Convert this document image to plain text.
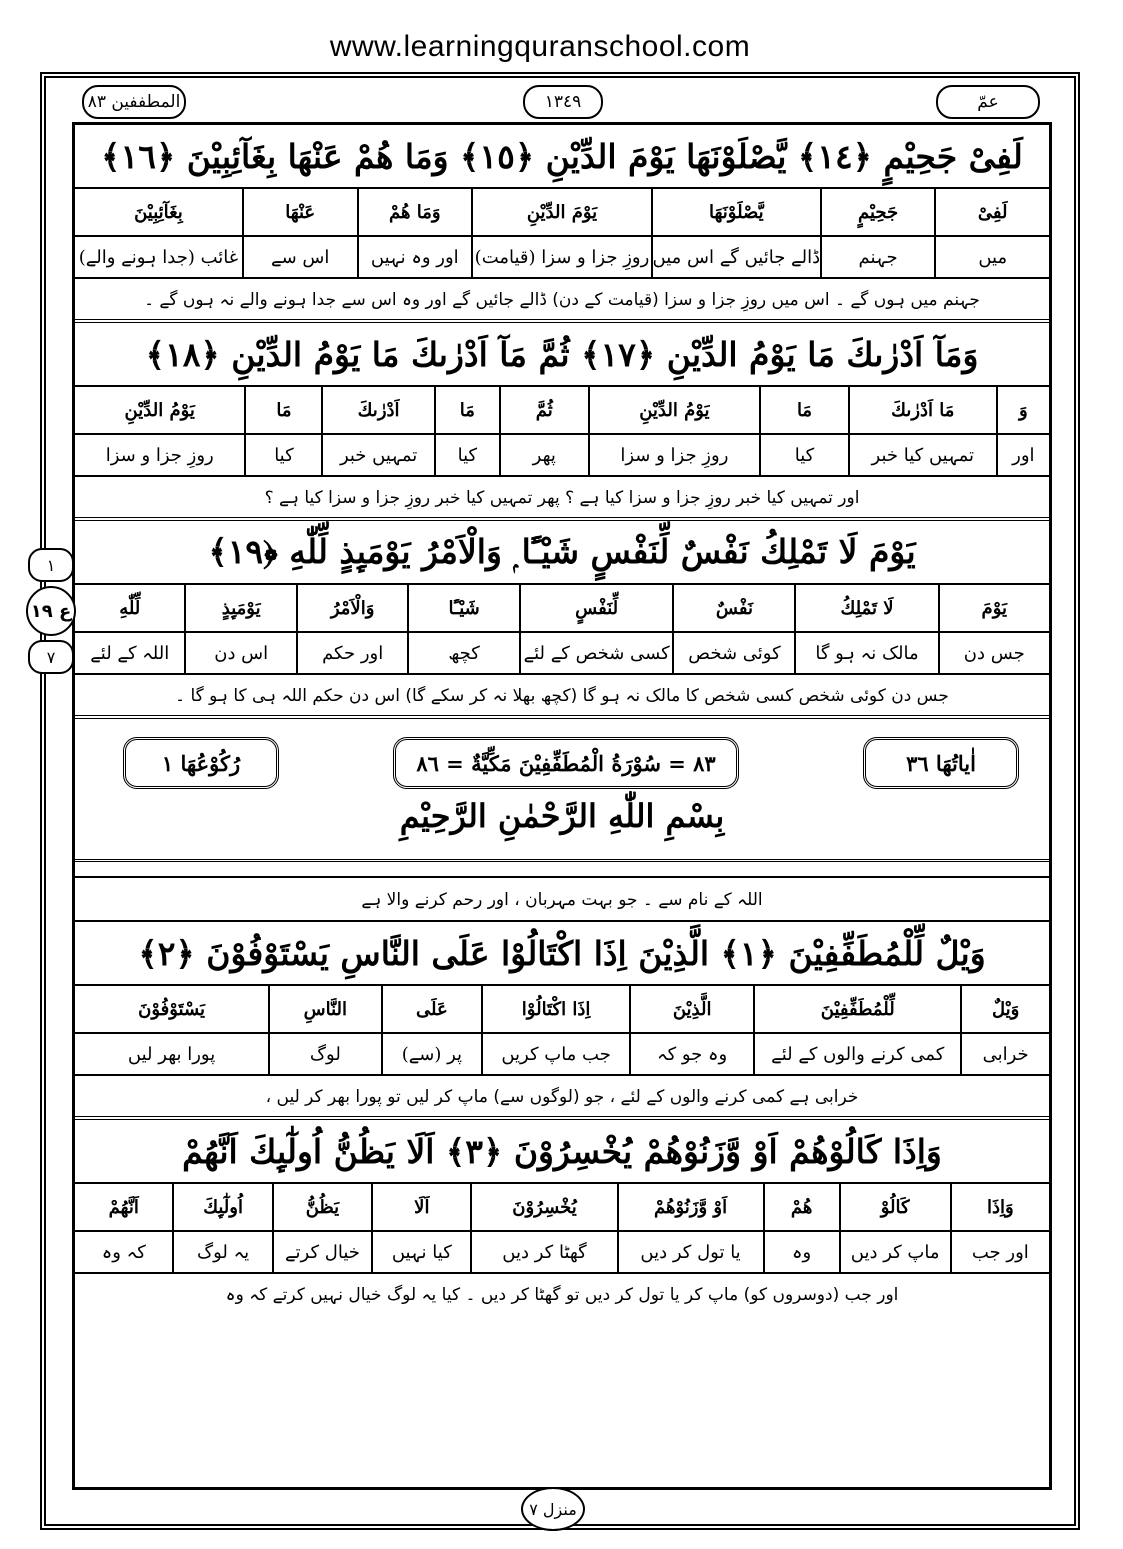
www.learningquranschool.com
المطففين ٨٣	١٣٤٩	عمّ
١
ع ١٩
٧
لَفِىْ جَحِيْمٍ ﴿١٤﴾ يَّصْلَوْنَهَا يَوْمَ الدِّيْنِ ﴿١٥﴾ وَمَا هُمْ عَنْهَا بِغَآئِبِيْنَ ﴿١٦﴾
لَفِىْ
جَحِيْمٍ
يَّصْلَوْنَهَا
يَوْمَ الدِّيْنِ
وَمَا هُمْ
عَنْهَا
بِغَآئِبِيْنَ
میں
جہنم
ڈالے جائیں گے اس میں
روزِ جزا و سزا (قیامت)
اور وہ نہیں
اس سے
غائب (جدا ہونے والے)
جہنم میں ہوں گے ۔ اس میں روزِ جزا و سزا (قیامت کے دن) ڈالے جائیں گے اور وہ اس سے جدا ہونے والے نہ ہوں گے ۔
وَمَآ اَدْرٰىكَ مَا يَوْمُ الدِّيْنِ ﴿١٧﴾ ثُمَّ مَآ اَدْرٰىكَ مَا يَوْمُ الدِّيْنِ ﴿١٨﴾
وَ
مَا اَدْرٰىكَ
مَا
يَوْمُ الدِّيْنِ
ثُمَّ
مَا
اَدْرٰىكَ
مَا
يَوْمُ الدِّيْنِ
اور
تمہیں کیا خبر
کیا
روزِ جزا و سزا
پھر
کیا
تمہیں خبر
کیا
روزِ جزا و سزا
اور تمہیں کیا خبر روزِ جزا و سزا کیا ہے ؟ پھر تمہیں کیا خبر روزِ جزا و سزا کیا ہے ؟
يَوْمَ لَا تَمْلِكُ نَفْسٌ لِّنَفْسٍ شَيْـًٔا ۭ وَالْاَمْرُ يَوْمَىِٕذٍ لِّلّٰهِ ﴿١٩﴾
يَوْمَ
لَا تَمْلِكُ
نَفْسٌ
لِّنَفْسٍ
شَيْـًٔا
وَالْاَمْرُ
يَوْمَىِٕذٍ
لِّلّٰهِ
جس دن
مالک نہ ہو گا
کوئی شخص
کسی شخص کے لئے
کچھ
اور حکم
اس دن
اللہ کے لئے
جس دن کوئی شخص کسی شخص کا مالک نہ ہو گا (کچھ بھلا نہ کر سکے گا) اس دن حکم اللہ ہی کا ہو گا ۔
اٰیاتُھَا ٣٦
٨٣ = سُوْرَةُ الْمُطَفِّفِيْنَ مَكِّيَّةٌ = ٨٦
رُکُوْعُھَا ١
بِسْمِ اللّٰهِ الرَّحْمٰنِ الرَّحِيْمِ
اللہ کے نام سے ۔ جو بہت مہربان ، اور رحم کرنے والا ہے
وَيْلٌ لِّلْمُطَفِّفِيْنَ ﴿١﴾ الَّذِيْنَ اِذَا اكْتَالُوْا عَلَى النَّاسِ يَسْتَوْفُوْنَ ﴿٢﴾
وَيْلٌ
لِّلْمُطَفِّفِيْنَ
الَّذِيْنَ
اِذَا اكْتَالُوْا
عَلَى
النَّاسِ
يَسْتَوْفُوْنَ
خرابی
کمی کرنے والوں کے لئے
وہ جو کہ
جب ماپ کریں
پر (سے)
لوگ
پورا بھر لیں
خرابی ہے کمی کرنے والوں کے لئے ، جو (لوگوں سے) ماپ کر لیں تو پورا بھر کر لیں ،
وَاِذَا كَالُوْهُمْ اَوْ وَّزَنُوْهُمْ يُخْسِرُوْنَ ﴿٣﴾ اَلَا يَظُنُّ اُولٰٓىِٕكَ اَنَّهُمْ
وَاِذَا
كَالُوْ
هُمْ
اَوْ وَّزَنُوْهُمْ
يُخْسِرُوْنَ
اَلَا
يَظُنُّ
اُولٰٓىِٕكَ
اَنَّهُمْ
اور جب
ماپ کر دیں
وہ
یا تول کر دیں
گھٹا کر دیں
کیا نہیں
خیال کرتے
یہ لوگ
کہ وہ
اور جب (دوسروں کو) ماپ کر یا تول کر دیں تو گھٹا کر دیں ۔ کیا یہ لوگ خیال نہیں کرتے کہ وہ
منزل ٧
